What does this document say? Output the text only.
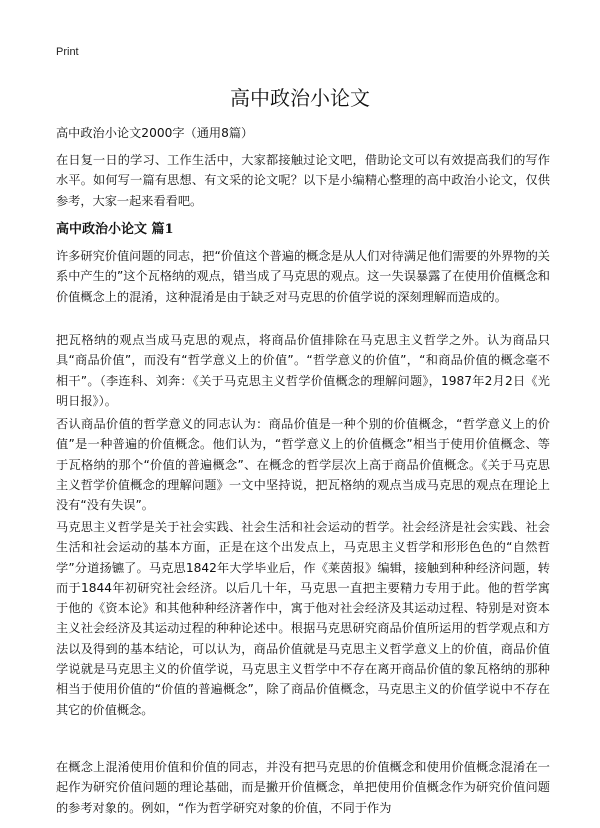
Print
高中政治小论文

高中政治小论文2000字（通用8篇）

在日复一日的学习、工作生活中，大家都接触过论文吧，借助论文可以有效提高我们的写作水平。如何写一篇有思想、有文采的论文呢？以下是小编精心整理的高中政治小论文，仅供参考，大家一起来看看吧。

高中政治小论文 篇1

许多研究价值问题的同志，把“价值这个普遍的概念是从人们对待满足他们需要的外界物的关系中产生的”这个瓦格纳的观点，错当成了马克思的观点。这一失误暴露了在使用价值概念和价值概念上的混淆，这种混淆是由于缺乏对马克思的价值学说的深刻理解而造成的。

把瓦格纳的观点当成马克思的观点，将商品价值排除在马克思主义哲学之外。认为商品只具“商品价值”，而没有“哲学意义上的价值”。“哲学意义的价值”，“和商品价值的概念毫不相干”。（李连科、刘奔：《关于马克思主义哲学价值概念的理解问题》，1987年2月2日《光明日报》）。

否认商品价值的哲学意义的同志认为：商品价值是一种个别的价值概念，“哲学意义上的价值”是一种普遍的价值概念。他们认为，“哲学意义上的价值概念”相当于使用价值概念、等于瓦格纳的那个“价值的普遍概念”、在概念的哲学层次上高于商品价值概念。《关于马克思主义哲学价值概念的理解问题》一文中坚持说，把瓦格纳的观点当成马克思的观点在理论上没有“没有失误”。

马克思主义哲学是关于社会实践、社会生活和社会运动的哲学。社会经济是社会实践、社会生活和社会运动的基本方面，正是在这个出发点上，马克思主义哲学和形形色色的“自然哲学”分道扬镳了。马克思1842年大学毕业后，作《莱茵报》编辑，接触到种种经济问题，转而于1844年初研究社会经济。以后几十年，马克思一直把主要精力专用于此。他的哲学寓于他的《资本论》和其他种种经济著作中，寓于他对社会经济及其运动过程、特别是对资本主义社会经济及其运动过程的种种论述中。根据马克思研究商品价值所运用的哲学观点和方法以及得到的基本结论，可以认为，商品价值就是马克思主义哲学意义上的价值，商品价值学说就是马克思主义的价值学说，马克思主义哲学中不存在离开商品价值的象瓦格纳的那种相当于使用价值的“价值的普遍概念”，除了商品价值概念，马克思主义的价值学说中不存在其它的价值概念。

在概念上混淆使用价值和价值的同志，并没有把马克思的价值概念和使用价值概念混淆在一起作为研究价值问题的理论基础，而是撇开价值概念，单把使用价值概念作为研究价值问题的参考对象的。例如，“作为哲学研究对象的价值，不同于作为
